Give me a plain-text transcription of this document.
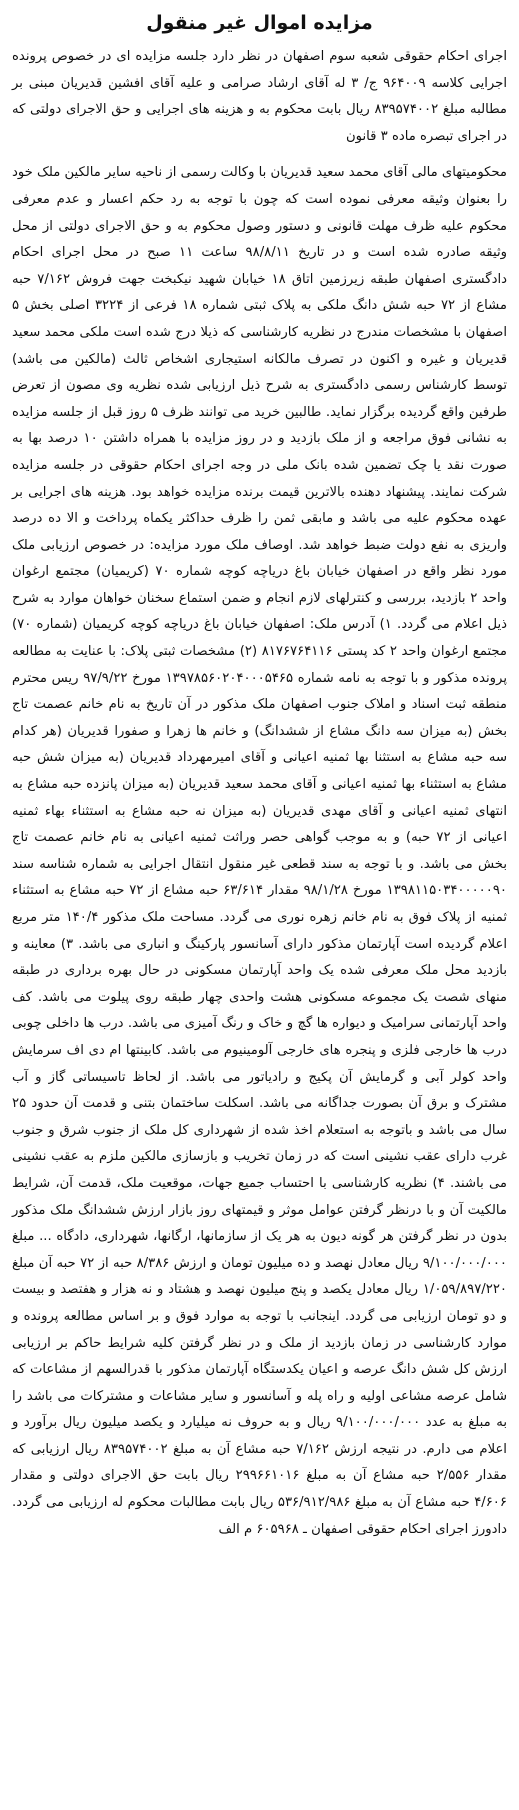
مزایده اموال غیر منقول

اجرای احکام حقوقی شعبه سوم اصفهان در نظر دارد جلسه مزایده ای در خصوص پرونده اجرایی کلاسه ۹۶۴۰۰۹ ج/ ۳ له آقای ارشاد صرامی و علیه آقای افشین قدیریان مبنی بر مطالبه مبلغ ۸۳۹۵۷۴۰۰۲ ریال بابت محکوم به و هزینه های اجرایی و حق الاجرای دولتی که در اجرای تبصره ماده ۳ قانون

محکومیتهای مالی آقای محمد سعید قدیریان با وکالت رسمی از ناحیه سایر مالکین ملک خود را بعنوان وثیقه معرفی نموده است که چون با توجه به رد حکم اعسار و عدم معرفی محکوم علیه ظرف مهلت قانونی و دستور وصول محکوم به و حق الاجرای دولتی از محل وثیقه صادره شده است و در تاریخ ۹۸/۸/۱۱ ساعت ۱۱ صبح در محل اجرای احکام دادگستری اصفهان طبقه زیرزمین اتاق ۱۸ خیابان شهید نیکبخت جهت فروش ۷/۱۶۲ حبه مشاع از ۷۲ حبه شش دانگ ملکی به پلاک ثبتی شماره ۱۸ فرعی از ۳۲۲۴ اصلی بخش ۵ اصفهان با مشخصات مندرج در نظریه کارشناسی که ذیلا درج شده است ملکی محمد سعید قدیریان و غیره و اکنون در تصرف مالکانه استیجاری اشخاص ثالث (مالکین می باشد) توسط کارشناس رسمی دادگستری به شرح ذیل ارزیابی شده نظریه وی مصون از تعرض طرفین واقع گردیده برگزار نماید. طالبین خرید می توانند ظرف ۵ روز قبل از جلسه مزایده به نشانی فوق مراجعه و از ملک بازدید و در روز مزایده با همراه داشتن ۱۰ درصد بها به صورت نقد یا چک تضمین شده بانک ملی در وجه اجرای احکام حقوقی در جلسه مزایده شرکت نمایند. پیشنهاد دهنده بالاترین قیمت برنده مزایده خواهد بود. هزینه های اجرایی بر عهده محکوم علیه می باشد و مابقی ثمن را ظرف حداکثر یکماه پرداخت و الا ده درصد واریزی به نفع دولت ضبط خواهد شد. اوصاف ملک مورد مزایده: در خصوص ارزیابی ملک مورد نظر واقع در اصفهان خیابان باغ دریاچه کوچه شماره ۷۰ (کریمیان) مجتمع ارغوان واحد ۲ بازدید، بررسی و کنترلهای لازم انجام و ضمن استماع سخنان خواهان موارد به شرح ذیل اعلام می گردد. ۱) آدرس ملک: اصفهان خیابان باغ دریاچه کوچه کریمیان (شماره ۷۰) مجتمع ارغوان واحد ۲ کد پستی ۸۱۷۶۷۶۴۱۱۶ (۲) مشخصات ثبتی پلاک: با عنایت به مطالعه پرونده مذکور و با توجه به نامه شماره ۱۳۹۷۸۵۶۰۲۰۴۰۰۰۵۴۶۵ مورخ ۹۷/۹/۲۲ ریس محترم منطقه ثبت اسناد و املاک جنوب اصفهان ملک مذکور در آن تاریخ به نام خانم عصمت تاج بخش (به میزان سه دانگ مشاع از ششدانگ) و خانم ها زهرا و صفورا قدیریان (هر کدام سه حبه مشاع به استثنا بها ثمنیه اعیانی و آقای امیرمهرداد قدیریان (به میزان شش حبه مشاع به استثناء بها ثمنیه اعیانی و آقای محمد سعید قدیریان (به میزان پانزده حبه مشاع به انتهای ثمنیه اعیانی و آقای مهدی قدیریان (به میزان نه حبه مشاع به استثناء بهاء ثمنیه اعیانی از ۷۲ حبه) و به موجب گواهی حصر وراثت ثمنیه اعیانی به نام خانم عصمت تاج بخش می باشد. و با توجه به سند قطعی غیر منقول انتقال اجرایی به شماره شناسه سند ۱۳۹۸۱۱۵۰۳۴۰۰۰۰۰۹۰ مورخ ۹۸/۱/۲۸ مقدار ۶۳/۶۱۴ حبه مشاع از ۷۲ حبه مشاع به استثناء ثمنیه از پلاک فوق به نام خانم زهره نوری می گردد. مساحت ملک مذکور ۱۴۰/۴ متر مربع اعلام گردیده است آپارتمان مذکور دارای آسانسور پارکینگ و انباری می باشد. ۳) معاینه و بازدید محل ملک معرفی شده یک واحد آپارتمان مسکونی در حال بهره برداری در طبقه منهای شصت یک مجموعه مسکونی هشت واحدی چهار طبقه روی پیلوت می باشد. کف واحد آپارتمانی سرامیک و دیواره ها گچ و خاک و رنگ آمیزی می باشد. درب ها داخلی چوبی درب ها خارجی فلزی و پنجره های خارجی آلومینیوم می باشد. کابینتها ام دی اف سرمایش واحد کولر آبی و گرمایش آن پکیج و رادیاتور می باشد. از لحاظ تاسیساتی گاز و آب مشترک و برق آن بصورت جداگانه می باشد. اسکلت ساختمان بتنی و قدمت آن حدود ۲۵ سال می باشد و باتوجه به استعلام اخذ شده از شهرداری کل ملک از جنوب شرق و جنوب غرب دارای عقب نشینی است که در زمان تخریب و بازسازی مالکین ملزم به عقب نشینی می باشند. ۴) نظریه کارشناسی با احتساب جمیع جهات، موقعیت ملک، قدمت آن، شرایط مالکیت آن و با درنظر گرفتن عوامل موثر و قیمتهای روز بازار ارزش ششدانگ ملک مذکور بدون در نظر گرفتن هر گونه دیون به هر یک از سازمانها، ارگانها، شهرداری، دادگاه ... مبلغ ۹/۱۰۰/۰۰۰/۰۰۰ ریال معادل نهصد و ده میلیون تومان و ارزش ۸/۳۸۶ حبه از ۷۲ حبه آن مبلغ ۱/۰۵۹/۸۹۷/۲۲۰ ریال معادل یکصد و پنج میلیون نهصد و هشتاد و نه هزار و هفتصد و بیست و دو تومان ارزیابی می گردد. اینجانب با توجه به موارد فوق و بر اساس مطالعه پرونده و موارد کارشناسی در زمان بازدید از ملک و در نظر گرفتن کلیه شرایط حاکم بر ارزیابی ارزش کل شش دانگ عرصه و اعیان یکدستگاه آپارتمان مذکور با قدرالسهم از مشاعات که شامل عرصه مشاعی اولیه و راه پله و آسانسور و سایر مشاعات و مشترکات می باشد را به مبلغ به عدد ۹/۱۰۰/۰۰۰/۰۰۰ ریال و به حروف نه میلیارد و یکصد میلیون ریال برآورد و اعلام می دارم. در نتیجه ارزش ۷/۱۶۲ حبه مشاع آن به مبلغ ۸۳۹۵۷۴۰۰۲ ریال ارزیابی که مقدار ۲/۵۵۶ حبه مشاع آن به مبلغ ۲۹۹۶۶۱۰۱۶ ریال بابت حق الاجرای دولتی و مقدار ۴/۶۰۶ حبه مشاع آن به مبلغ ۵۳۶/۹۱۲/۹۸۶ ریال بابت مطالبات محکوم له ارزیابی می گردد. دادورز اجرای احکام حقوقی اصفهان ـ ۶۰۵۹۶۸ م الف
